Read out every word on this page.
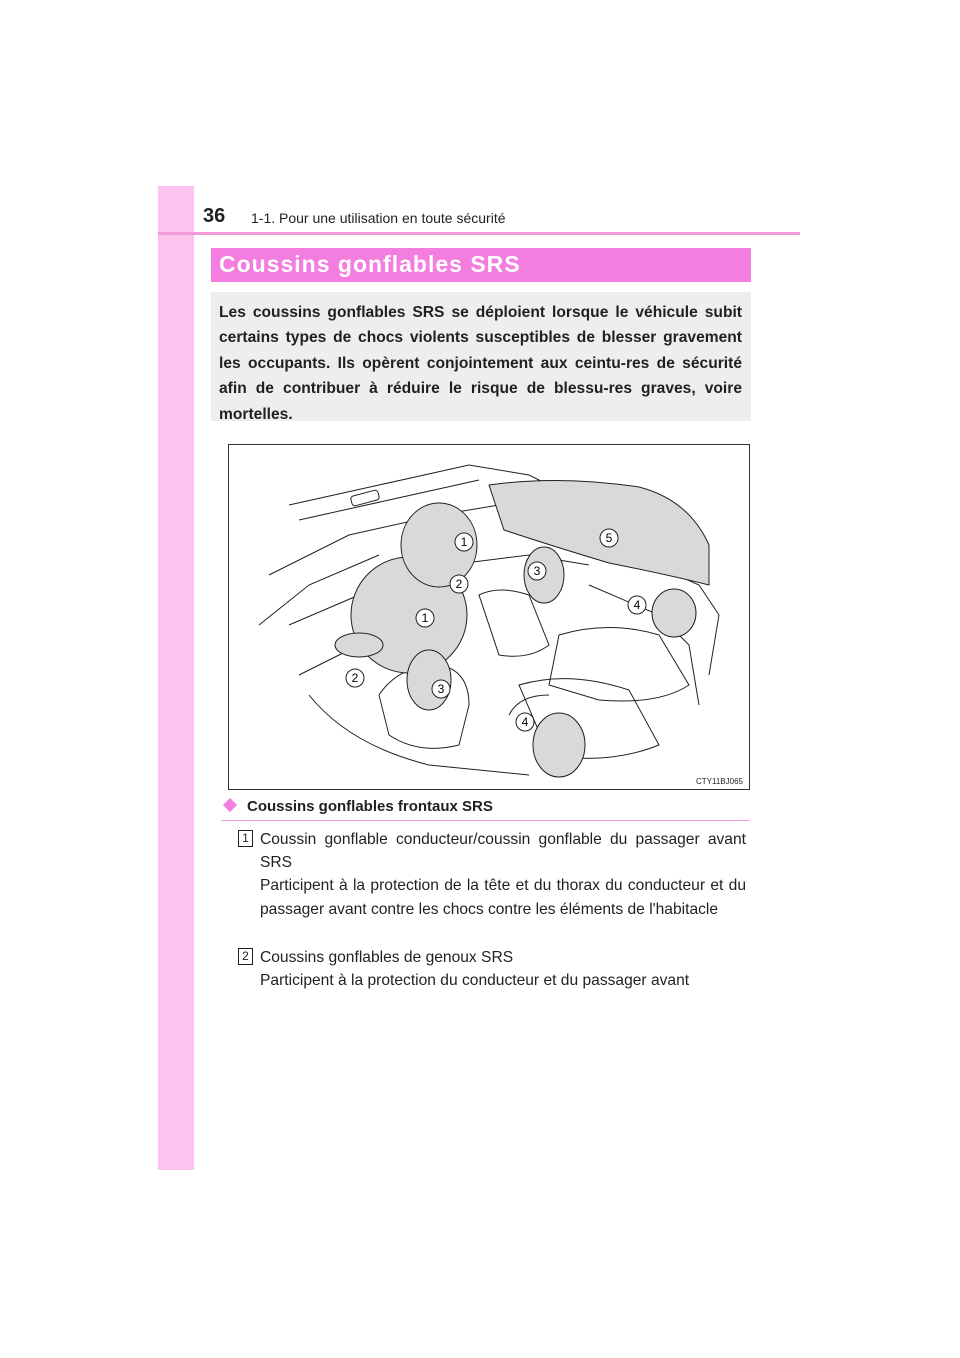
36 1-1. Pour une utilisation en toute sécurité
Coussins gonflables SRS

Les coussins gonflables SRS se déploient lorsque le véhicule subit certains types de chocs violents susceptibles de blesser gravement les occupants. Ils opèrent conjointement aux ceintu-res de sécurité afin de contribuer à réduire le risque de blessu-res graves, voire mortelles.

1
2
3
4
5
1
2
3
4
CTY11BJ065
Coussins gonflables frontaux SRS
1 Coussin gonflable conducteur/coussin gonflable du passager avant SRS

Participent à la protection de la tête et du thorax du conducteur et du passager avant contre les chocs contre les éléments de l'habitacle

2 Coussins gonflables de genoux SRS

Participent à la protection du conducteur et du passager avant
